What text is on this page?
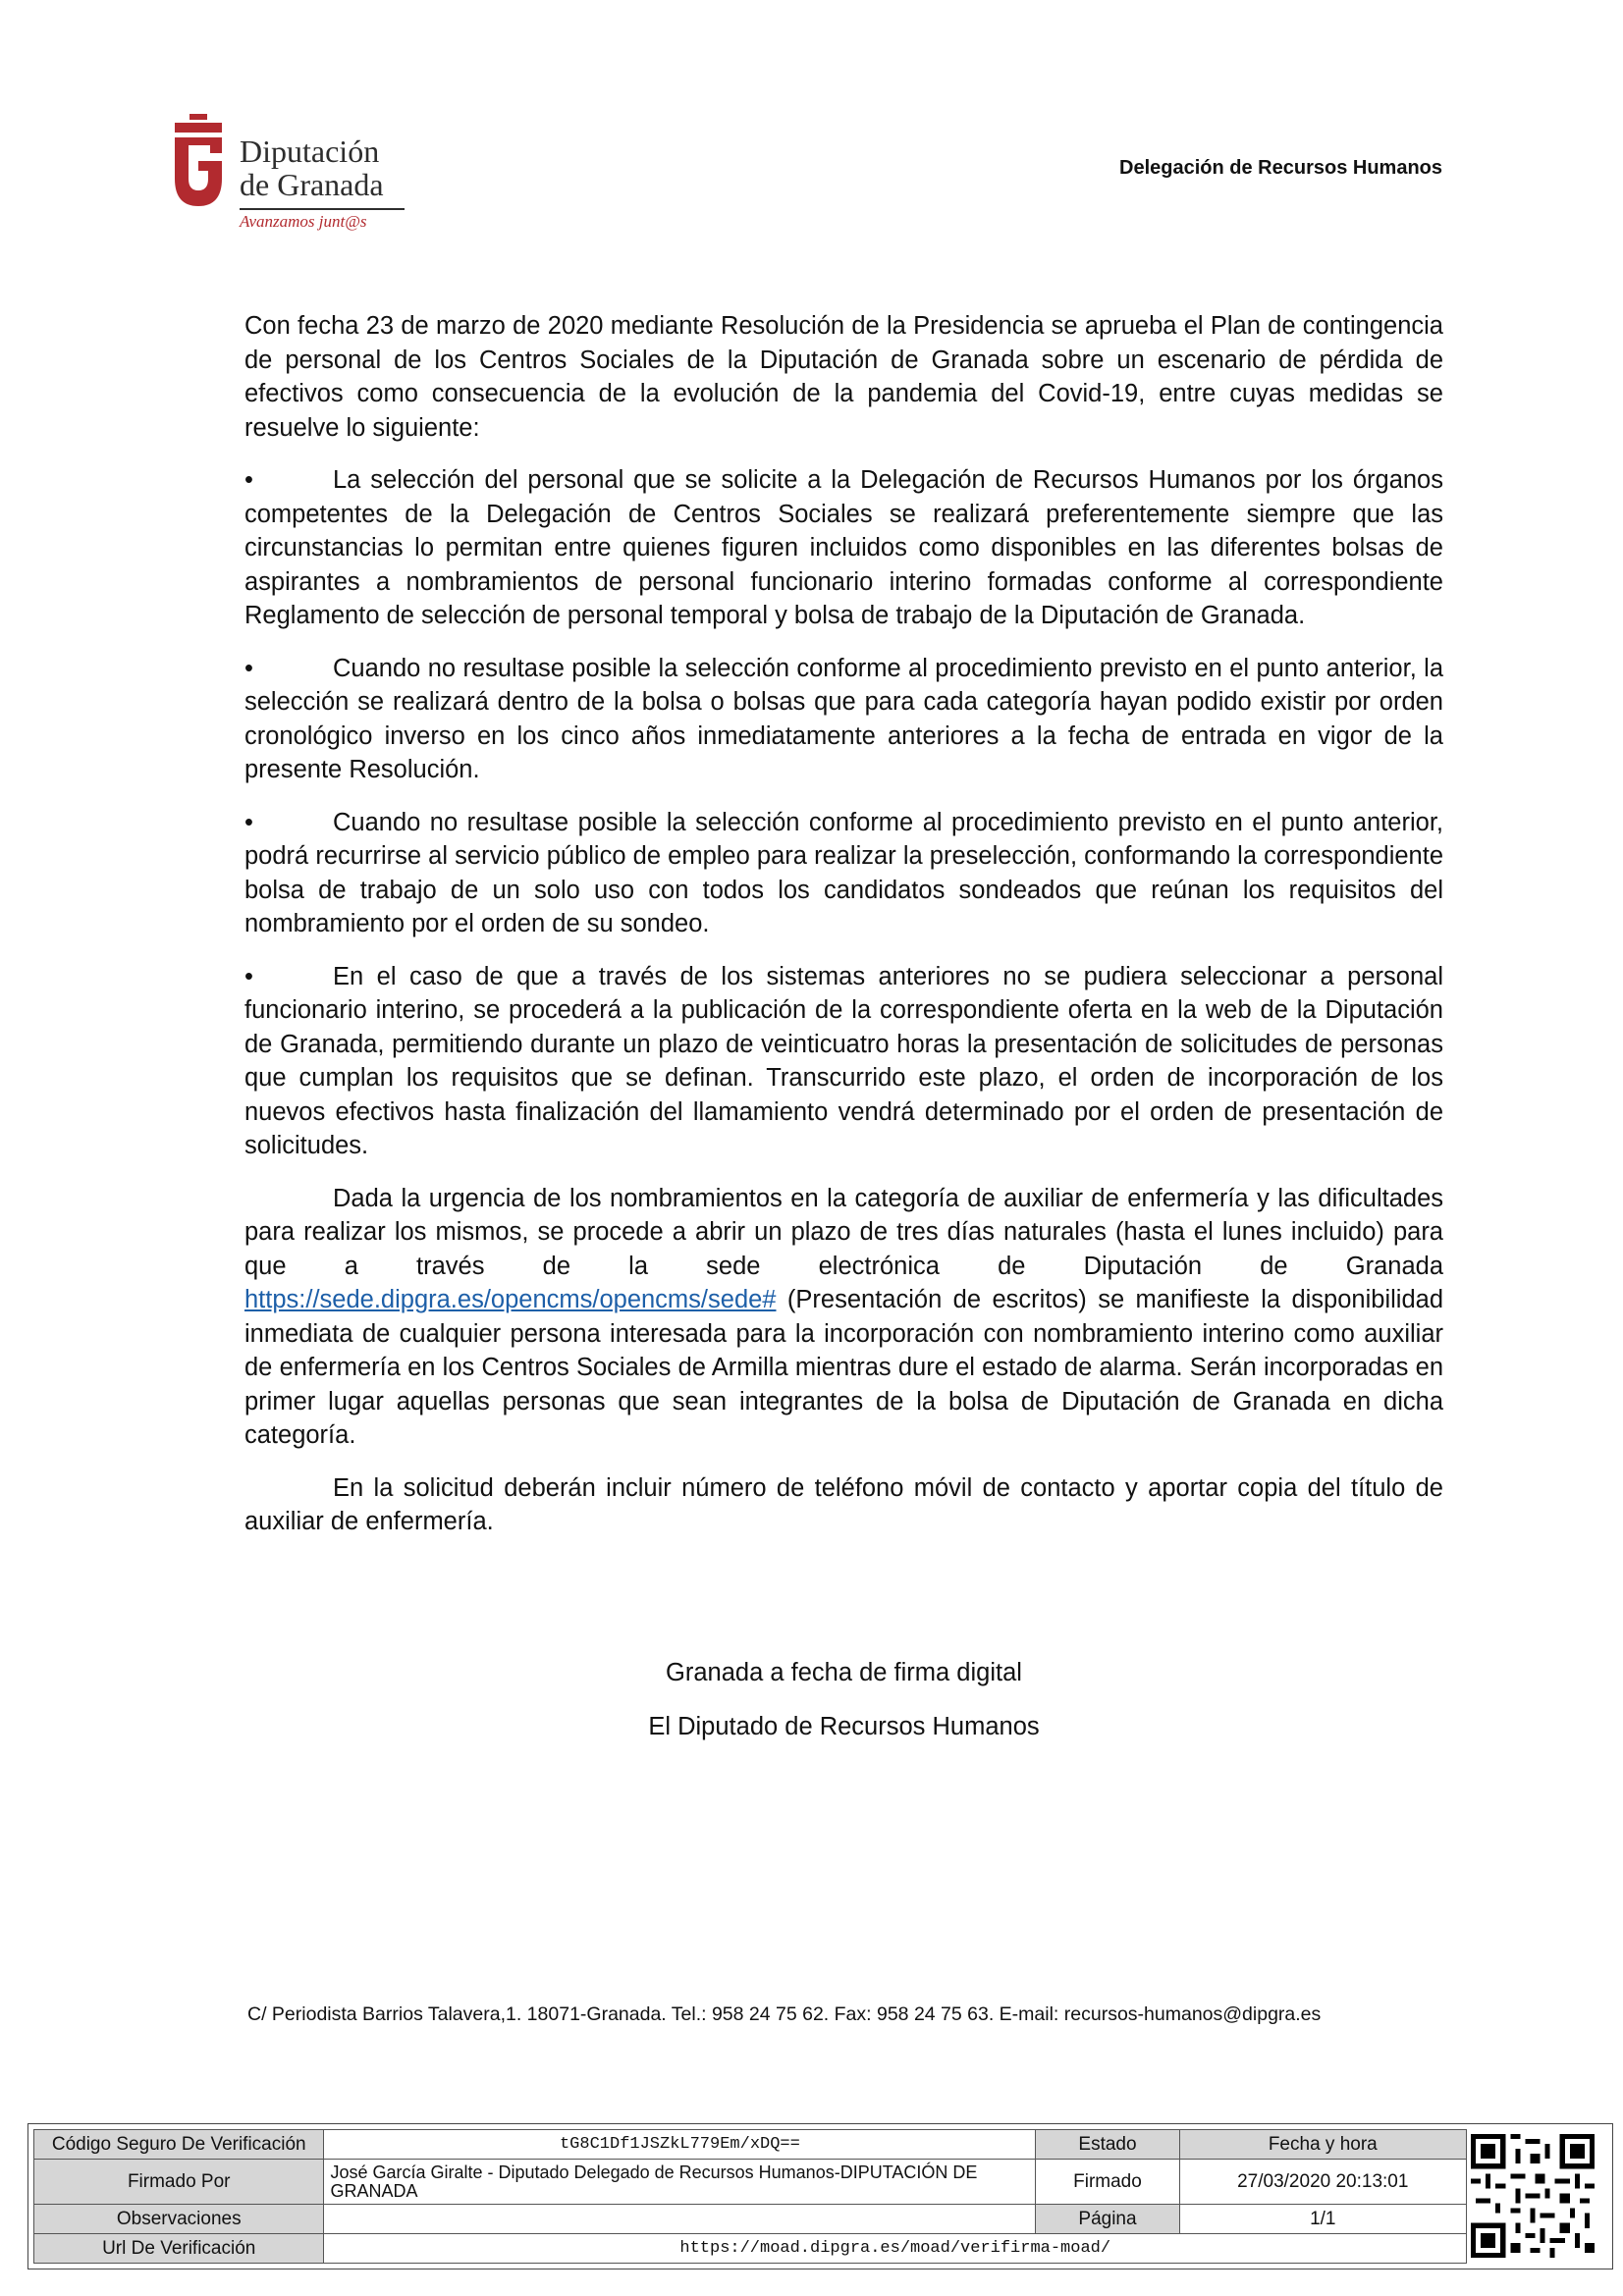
Diputación
de Granada
Avanzamos junt@s
Delegación de Recursos Humanos

Con fecha 23 de marzo de 2020 mediante Resolución de la Presidencia se aprueba el Plan de contingencia de personal de los Centros Sociales de la Diputación de Granada sobre un escenario de pérdida de efectivos como consecuencia de la evolución de la pandemia del Covid-19, entre cuyas medidas se resuelve lo siguiente:

•	La selección del personal que se solicite a la Delegación de Recursos Humanos por los órganos competentes de la Delegación de Centros Sociales se realizará preferentemente siempre que las circunstancias lo permitan entre quienes figuren incluidos como disponibles en las diferentes bolsas de aspirantes a nombramientos de personal funcionario interino formadas conforme al correspondiente Reglamento de selección de personal temporal y bolsa de trabajo de la Diputación de Granada.

•	Cuando no resultase posible la selección conforme al procedimiento previsto en el punto anterior, la selección se realizará dentro de la bolsa o bolsas que para cada categoría hayan podido existir por orden cronológico inverso en los cinco años inmediatamente anteriores a la fecha de entrada en vigor de la presente Resolución.

•	Cuando no resultase posible la selección conforme al procedimiento previsto en el punto anterior, podrá recurrirse al servicio público de empleo para realizar la preselección, conformando la correspondiente bolsa de trabajo de un solo uso con todos los candidatos sondeados que reúnan los requisitos del nombramiento por el orden de su sondeo.

•	En el caso de que a través de los sistemas anteriores no se pudiera seleccionar a personal funcionario interino, se procederá a la publicación de la correspondiente oferta en la web de la Diputación de Granada, permitiendo durante un plazo de veinticuatro horas la presentación de solicitudes de personas que cumplan los requisitos que se definan. Transcurrido este plazo, el orden de incorporación de los nuevos efectivos hasta finalización del llamamiento vendrá determinado por el orden de presentación de solicitudes.

Dada la urgencia de los nombramientos en la categoría de auxiliar de enfermería y las dificultades para realizar los mismos, se procede a abrir un plazo de tres días naturales (hasta el lunes incluido) para que a través de la sede electrónica de Diputación de Granada https://sede.dipgra.es/opencms/opencms/sede# (Presentación de escritos) se manifieste la disponibilidad inmediata de cualquier persona interesada para la incorporación con nombramiento interino como auxiliar de enfermería en los Centros Sociales de Armilla mientras dure el estado de alarma. Serán incorporadas en primer lugar aquellas personas que sean integrantes de la bolsa de Diputación de Granada en dicha categoría.

En la solicitud deberán incluir número de teléfono móvil de contacto y aportar copia del título de auxiliar de enfermería.

Granada a fecha de firma digital
El Diputado de Recursos Humanos
C/ Periodista Barrios Talavera,1. 18071-Granada. Tel.: 958 24 75 62. Fax: 958 24 75 63. E-mail: recursos-humanos@dipgra.es
Código Seguro De Verificación	tG8C1Df1JSZkL779Em/xDQ==	Estado	Fecha y hora
Firmado Por	José García Giralte - Diputado Delegado de Recursos Humanos-DIPUTACIÓN DE GRANADA	Firmado	27/03/2020 20:13:01
Observaciones		Página	1/1
Url De Verificación	https://moad.dipgra.es/moad/verifirma-moad/		
